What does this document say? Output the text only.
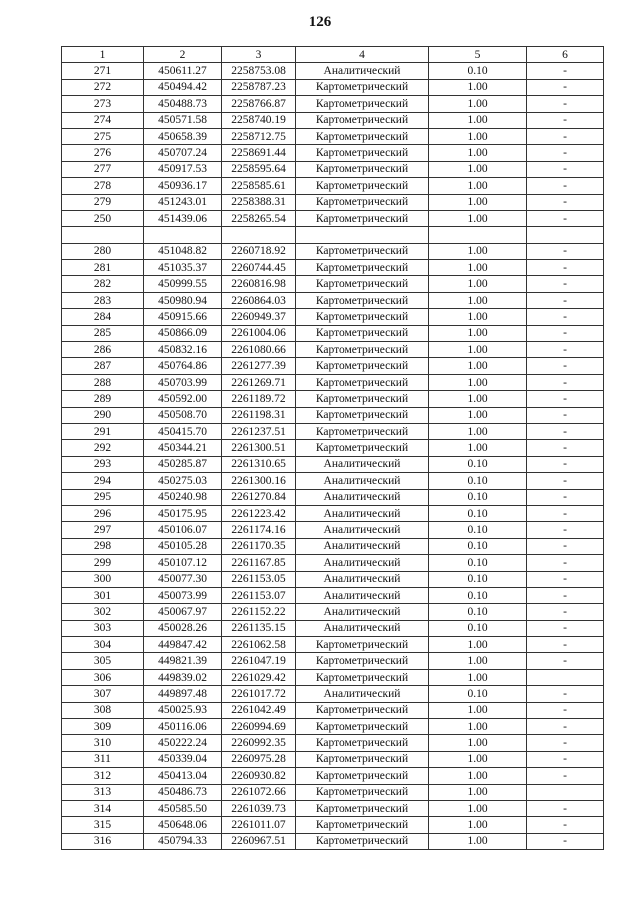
126
1	2	3	4	5	6
271	450611.27	2258753.08	Аналитический	0.10	-
272	450494.42	2258787.23	Картометрический	1.00	-
273	450488.73	2258766.87	Картометрический	1.00	-
274	450571.58	2258740.19	Картометрический	1.00	-
275	450658.39	2258712.75	Картометрический	1.00	-
276	450707.24	2258691.44	Картометрический	1.00	-
277	450917.53	2258595.64	Картометрический	1.00	-
278	450936.17	2258585.61	Картометрический	1.00	-
279	451243.01	2258388.31	Картометрический	1.00	-
250	451439.06	2258265.54	Картометрический	1.00	-

280	451048.82	2260718.92	Картометрический	1.00	-
281	451035.37	2260744.45	Картометрический	1.00	-
282	450999.55	2260816.98	Картометрический	1.00	-
283	450980.94	2260864.03	Картометрический	1.00	-
284	450915.66	2260949.37	Картометрический	1.00	-
285	450866.09	2261004.06	Картометрический	1.00	-
286	450832.16	2261080.66	Картометрический	1.00	-
287	450764.86	2261277.39	Картометрический	1.00	-
288	450703.99	2261269.71	Картометрический	1.00	-
289	450592.00	2261189.72	Картометрический	1.00	-
290	450508.70	2261198.31	Картометрический	1.00	-
291	450415.70	2261237.51	Картометрический	1.00	-
292	450344.21	2261300.51	Картометрический	1.00	-
293	450285.87	2261310.65	Аналитический	0.10	-
294	450275.03	2261300.16	Аналитический	0.10	-
295	450240.98	2261270.84	Аналитический	0.10	-
296	450175.95	2261223.42	Аналитический	0.10	-
297	450106.07	2261174.16	Аналитический	0.10	-
298	450105.28	2261170.35	Аналитический	0.10	-
299	450107.12	2261167.85	Аналитический	0.10	-
300	450077.30	2261153.05	Аналитический	0.10	-
301	450073.99	2261153.07	Аналитический	0.10	-
302	450067.97	2261152.22	Аналитический	0.10	-
303	450028.26	2261135.15	Аналитический	0.10	-
304	449847.42	2261062.58	Картометрический	1.00	-
305	449821.39	2261047.19	Картометрический	1.00	-
306	449839.02	2261029.42	Картометрический	1.00	
307	449897.48	2261017.72	Аналитический	0.10	-
308	450025.93	2261042.49	Картометрический	1.00	-
309	450116.06	2260994.69	Картометрический	1.00	-
310	450222.24	2260992.35	Картометрический	1.00	-
311	450339.04	2260975.28	Картометрический	1.00	-
312	450413.04	2260930.82	Картометрический	1.00	-
313	450486.73	2261072.66	Картометрический	1.00	
314	450585.50	2261039.73	Картометрический	1.00	-
315	450648.06	2261011.07	Картометрический	1.00	-
316	450794.33	2260967.51	Картометрический	1.00	-
